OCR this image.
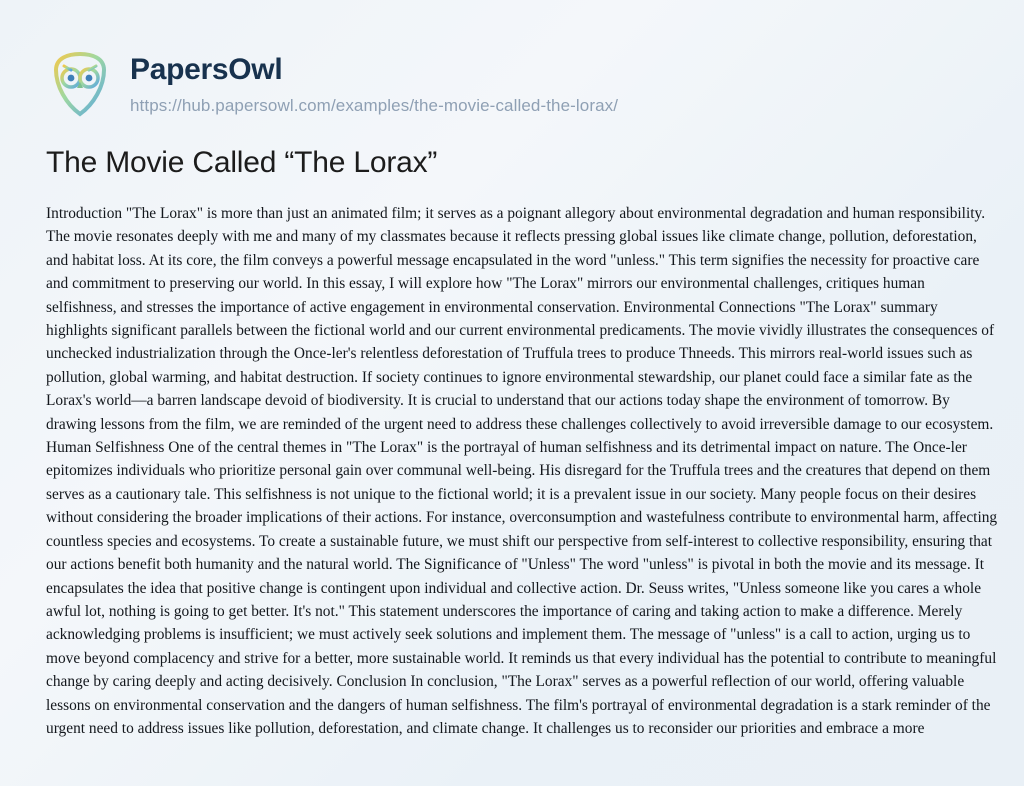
PapersOwl
https://hub.papersowl.com/examples/the-movie-called-the-lorax/
The Movie Called “The Lorax”

Introduction "The Lorax" is more than just an animated film; it serves as a poignant allegory about environmental degradation and human responsibility. The movie resonates deeply with me and many of my classmates because it reflects pressing global issues like climate change, pollution, deforestation, and habitat loss. At its core, the film conveys a powerful message encapsulated in the word "unless." This term signifies the necessity for proactive care and commitment to preserving our world. In this essay, I will explore how "The Lorax" mirrors our environmental challenges, critiques human selfishness, and stresses the importance of active engagement in environmental conservation. Environmental Connections "The Lorax" summary highlights significant parallels between the fictional world and our current environmental predicaments. The movie vividly illustrates the consequences of unchecked industrialization through the Once-ler's relentless deforestation of Truffula trees to produce Thneeds. This mirrors real-world issues such as pollution, global warming, and habitat destruction. If society continues to ignore environmental stewardship, our planet could face a similar fate as the Lorax's world—a barren landscape devoid of biodiversity. It is crucial to understand that our actions today shape the environment of tomorrow. By drawing lessons from the film, we are reminded of the urgent need to address these challenges collectively to avoid irreversible damage to our ecosystem. Human Selfishness One of the central themes in "The Lorax" is the portrayal of human selfishness and its detrimental impact on nature. The Once-ler epitomizes individuals who prioritize personal gain over communal well-being. His disregard for the Truffula trees and the creatures that depend on them serves as a cautionary tale. This selfishness is not unique to the fictional world; it is a prevalent issue in our society. Many people focus on their desires without considering the broader implications of their actions. For instance, overconsumption and wastefulness contribute to environmental harm, affecting countless species and ecosystems. To create a sustainable future, we must shift our perspective from self-interest to collective responsibility, ensuring that our actions benefit both humanity and the natural world. The Significance of "Unless" The word "unless" is pivotal in both the movie and its message. It encapsulates the idea that positive change is contingent upon individual and collective action. Dr. Seuss writes, "Unless someone like you cares a whole awful lot, nothing is going to get better. It's not." This statement underscores the importance of caring and taking action to make a difference. Merely acknowledging problems is insufficient; we must actively seek solutions and implement them. The message of "unless" is a call to action, urging us to move beyond complacency and strive for a better, more sustainable world. It reminds us that every individual has the potential to contribute to meaningful change by caring deeply and acting decisively. Conclusion In conclusion, "The Lorax" serves as a powerful reflection of our world, offering valuable lessons on environmental conservation and the dangers of human selfishness. The film's portrayal of environmental degradation is a stark reminder of the urgent need to address issues like pollution, deforestation, and climate change. It challenges us to reconsider our priorities and embrace a more
